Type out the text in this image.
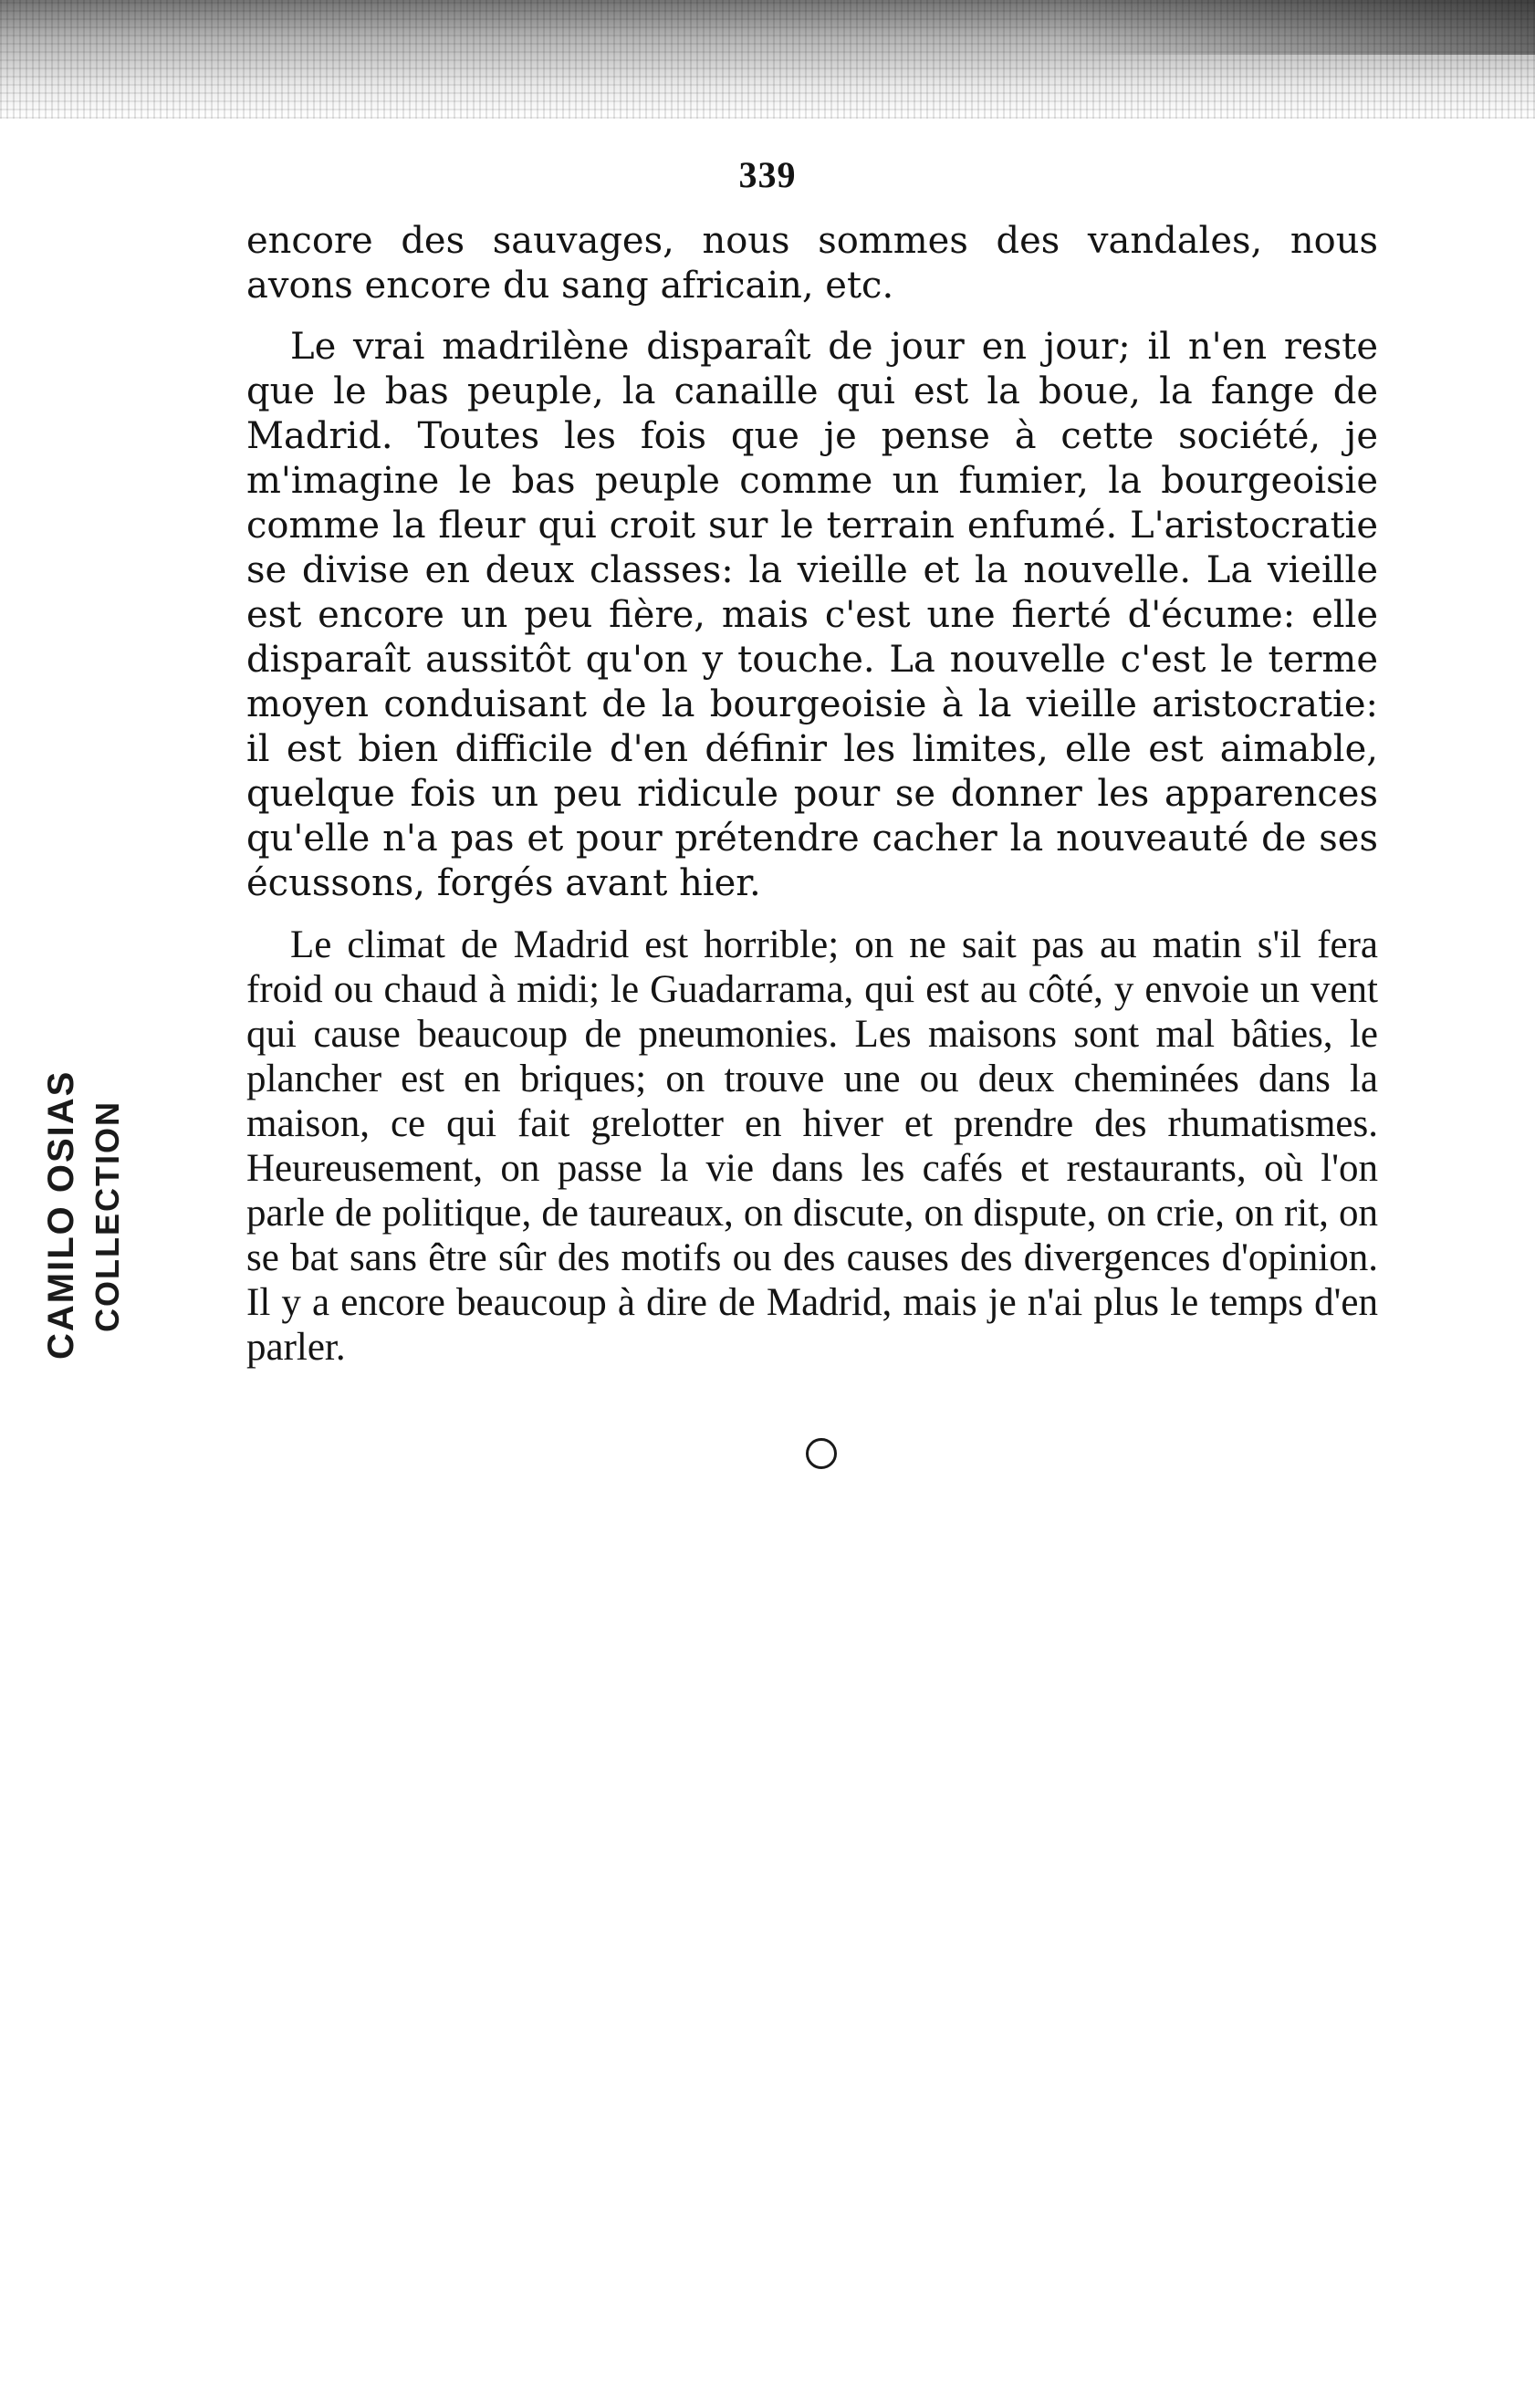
339

encore des sauvages, nous sommes des vandales, nous avons encore du sang africain, etc.

Le vrai madrilène disparaît de jour en jour; il n'en reste que le bas peuple, la canaille qui est la boue, la fange de Madrid. Toutes les fois que je pense à cette société, je m'imagine le bas peuple comme un fumier, la bourgeoisie comme la fleur qui croit sur le terrain enfumé. L'aristocratie se divise en deux classes: la vieille et la nouvelle. La vieille est encore un peu fière, mais c'est une fierté d'écume: elle disparaît aussitôt qu'on y touche. La nouvelle c'est le terme moyen conduisant de la bourgeoisie à la vieille aristocratie: il est bien difficile d'en définir les limites, elle est aimable, quelque fois un peu ridicule pour se donner les apparences qu'elle n'a pas et pour prétendre cacher la nouveauté de ses écussons, forgés avant hier.

Le climat de Madrid est horrible; on ne sait pas au matin s'il fera froid ou chaud à midi; le Guadarrama, qui est au côté, y envoie un vent qui cause beaucoup de pneumonies. Les maisons sont mal bâties, le plancher est en briques; on trouve une ou deux cheminées dans la maison, ce qui fait grelotter en hiver et prendre des rhumatismes. Heureusement, on passe la vie dans les cafés et restaurants, où l'on parle de politique, de taureaux, on discute, on dispute, on crie, on rit, on se bat sans être sûr des motifs ou des causes des divergences d'opinion. Il y a encore beaucoup à dire de Madrid, mais je n'ai plus le temps d'en parler.

CAMILO OSIAS COLLECTION
